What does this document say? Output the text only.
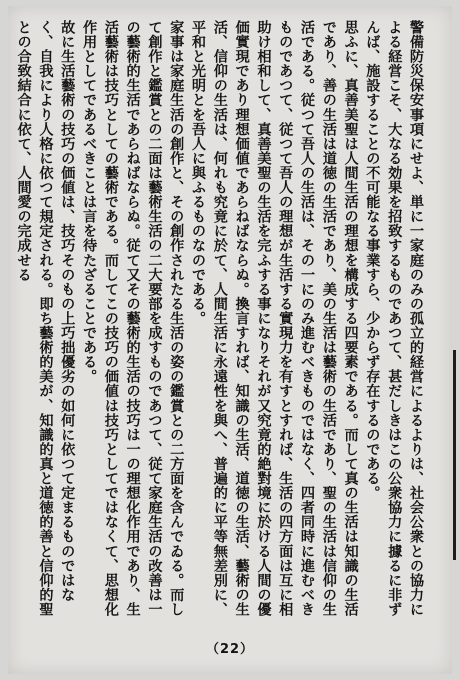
警備防災保安事項にせよ、単に一家庭のみの孤立的経営によるよりは、社会公衆との協力による経営こそ、大なる効果を招致するものであつて、甚だしきはこの公衆協力に據るに非ずんば、施設することの不可能なる事業すら、少からず存在するのである。

思ふに、真善美聖は人間生活の理想を構成する四要素である。而して真の生活は知識の生活であり、善の生活は道徳の生活であり、美の生活は藝術の生活であり、聖の生活は信仰の生活である。従つて吾人の生活は、その一にのみ進むべきものではなく、四者同時に進むべきものであつて、従つて吾人の理想が生活する實現力を有すとすれば、生活の四方面は互に相助け相和して、真善美聖の生活を完ふする事になりそれが又究竟的絶對境に於ける人間の優価實現であり理想価値であらねばならぬ。換言すれば、知識の生活、道徳の生活、藝術の生活、信仰の生活は、何れも究竟に於て、人間生活に永遠性を與へ、普遍的に平等無差別に、平和と光明とを吾人に與ふるものなのである。

家事は家庭生活の創作と、その創作されたる生活の姿の鑑賞との二方面を含んでゐる。而して創作と鑑賞との二面は藝術生活の二大要部を成すものであつて、従て家庭生活の改善は一の藝術的生活であらねばならぬ。従て又その藝術的生活の技巧は一の理想化作用であり、生活藝術は技巧としての藝術である。而してこの技巧の価値は技巧としてではなくて、思想化作用としてであるべきことは言を待たざることである。

故に生活藝術の技巧の価値は、技巧そのもの上巧拙優劣の如何に依つて定まるものではなく、自我により人格に依つて規定される。即ち藝術的美が、知識的真と道徳的善と信仰的聖との合致結合に依て、人間愛の完成せる

（22）
